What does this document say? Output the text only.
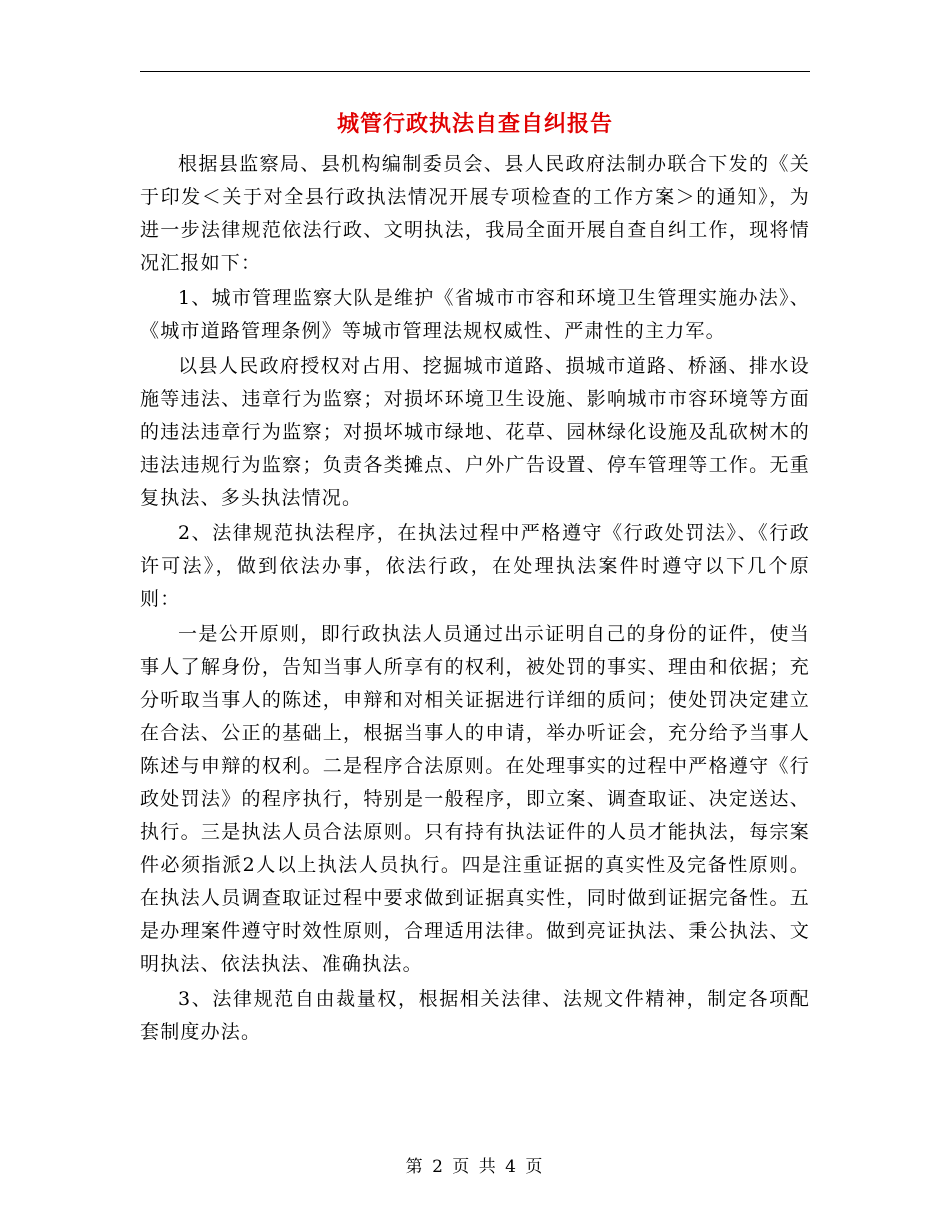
城管行政执法自查自纠报告

根据县监察局、县机构编制委员会、县人民政府法制办联合下发的《关于印发＜关于对全县行政执法情况开展专项检查的工作方案＞的通知》，为进一步法律规范依法行政、文明执法，我局全面开展自查自纠工作，现将情况汇报如下：

1、城市管理监察大队是维护《省城市市容和环境卫生管理实施办法》、《城市道路管理条例》等城市管理法规权威性、严肃性的主力军。

以县人民政府授权对占用、挖掘城市道路、损城市道路、桥涵、排水设施等违法、违章行为监察；对损坏环境卫生设施、影响城市市容环境等方面的违法违章行为监察；对损坏城市绿地、花草、园林绿化设施及乱砍树木的违法违规行为监察；负责各类摊点、户外广告设置、停车管理等工作。无重复执法、多头执法情况。

2、法律规范执法程序，在执法过程中严格遵守《行政处罚法》、《行政许可法》，做到依法办事，依法行政，在处理执法案件时遵守以下几个原则：

一是公开原则，即行政执法人员通过出示证明自己的身份的证件，使当事人了解身份，告知当事人所享有的权利，被处罚的事实、理由和依据；充分听取当事人的陈述，申辩和对相关证据进行详细的质问；使处罚决定建立在合法、公正的基础上，根据当事人的申请，举办听证会，充分给予当事人陈述与申辩的权利。二是程序合法原则。在处理事实的过程中严格遵守《行政处罚法》的程序执行，特别是一般程序，即立案、调查取证、决定送达、执行。三是执法人员合法原则。只有持有执法证件的人员才能执法，每宗案件必须指派2人以上执法人员执行。四是注重证据的真实性及完备性原则。在执法人员调查取证过程中要求做到证据真实性，同时做到证据完备性。五是办理案件遵守时效性原则，合理适用法律。做到亮证执法、秉公执法、文明执法、依法执法、准确执法。

3、法律规范自由裁量权，根据相关法律、法规文件精神，制定各项配套制度办法。

第 2 页 共 4 页
